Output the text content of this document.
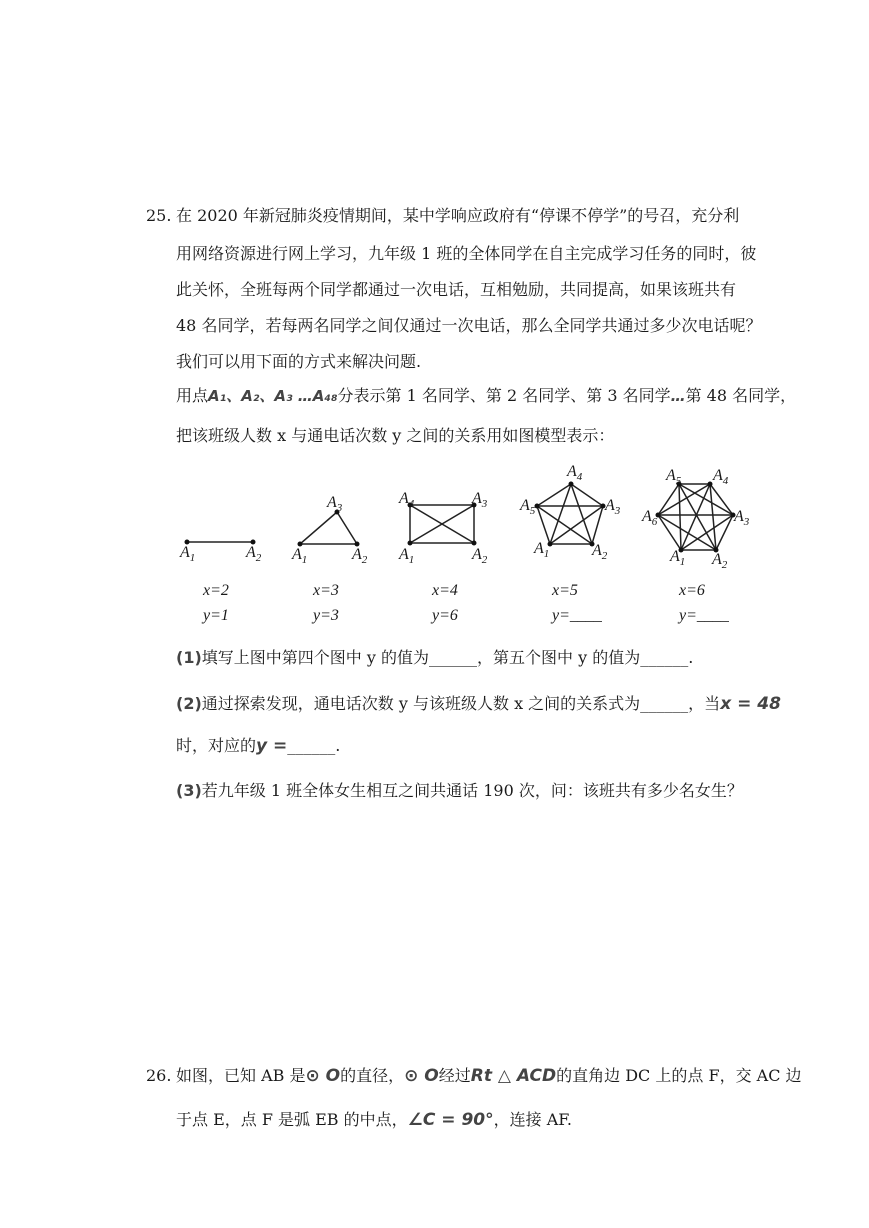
25. 在 2020 年新冠肺炎疫情期间，某中学响应政府有“停课不停学”的号召，充分利
用网络资源进行网上学习，九年级 1 班的全体同学在自主完成学习任务的同时，彼
此关怀，全班每两个同学都通过一次电话，互相勉励，共同提高，如果该班共有
48 名同学，若每两名同学之间仅通过一次电话，那么全同学共通过多少次电话呢？
我们可以用下面的方式来解决问题.
用点A₁、A₂、A₃ …A₄₈分表示第 1 名同学、第 2 名同学、第 3 名同学…第 48 名同学，
把该班级人数 x 与通电话次数 y 之间的关系用如图模型表示：
$A_1$	$A_2$
$A_3$
$A_1$	$A_2$
$A_4$	$A_3$
$A_1$	$A_2$
$A_4$
$A_5$	$A_3$
$A_1$	$A_2$
$A_5$ $A_4$
$A_6$	$A_3$
$A_1$ $A_2$
x=2
y=1
x=3
y=3
x=4
y=6
x=5
y=____
x=6
y=____
(1)填写上图中第四个图中 y 的值为______，第五个图中 y 的值为______.
(2)通过探索发现，通电话次数 y 与该班级人数 x 之间的关系式为______，当x = 48
时，对应的y =______.
(3)若九年级 1 班全体女生相互之间共通话 190 次，问：该班共有多少名女生？
26. 如图，已知 AB 是⊙ O的直径，⊙ O经过Rt △ ACD的直角边 DC 上的点 F，交 AC 边
于点 E，点 F 是弧 EB 的中点，∠C = 90°，连接 AF.
